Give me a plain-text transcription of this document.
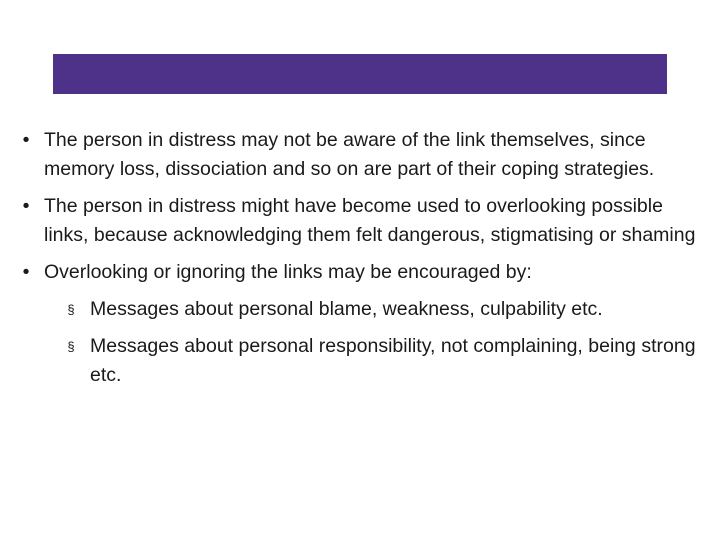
• The person in distress may not be aware of the link themselves, since memory loss, dissociation and so on are part of their coping strategies.
• The person in distress might have become used to overlooking possible links, because acknowledging them felt dangerous, stigmatising or shaming
• Overlooking or ignoring the links may be encouraged by:
§ Messages about personal blame, weakness, culpability etc.
§ Messages about personal responsibility, not complaining, being strong etc.
